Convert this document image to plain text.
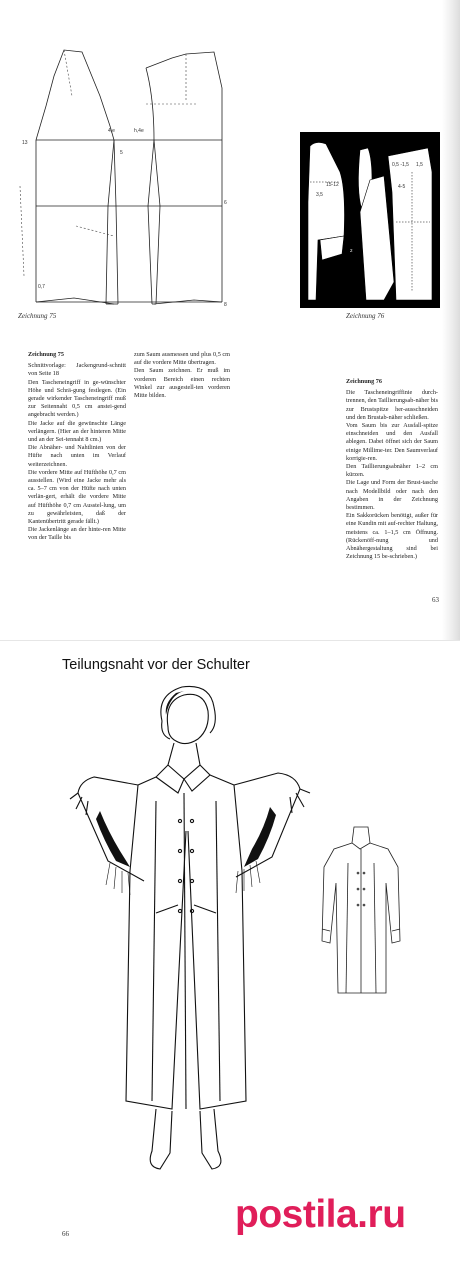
13
4,e	h,4e
5
6
8
0,7
Zeichnung 75
0,5 -1,5 1,5
4-5
15-12
3,5
2
Zeichnung 76
Zeichnung 75
Schnittvorlage: Jackengrund-schnitt von Seite 18
Den Tascheneingriff in ge-wünschter Höhe und Schrä-gung festlegen. (Ein gerade wirkender Tascheneingriff muß zur Seitennaht 0,5 cm anstei-gend angebracht werden.)
Die Jacke auf die gewünschte Länge verlängern. (Hier an der hinteren Mitte und an der Sei-tennaht 8 cm.)
Die Abnäher- und Nahtlinien von der Hüfte nach unten im Verlauf weiterzeichnen.
Die vordere Mitte auf Hüfthöhe 0,7 cm ausstellen. (Wird eine Jacke mehr als ca. 5–7 cm von der Hüfte nach unten verlän-gert, erhält die vordere Mitte auf Hüfthöhe 0,7 cm Ausstel-lung, um zu gewährleisten, daß der Kantenübertritt gerade fällt.)
Die Jackenlänge an der hinte-ren Mitte von der Taille bis
zum Saum ausmessen und plus 0,5 cm auf die vordere Mitte übertragen.
Den Saum zeichnen. Er muß im vorderen Bereich einen rechten Winkel zur ausgestell-ten vorderen Mitte bilden.
Zeichnung 76
Die Tascheneingriffinie durch-trennen, den Taillierungsab-näher bis zur Brustspitze her-ausschneiden und den Brustab-näher schließen.
Vom Saum bis zur Ausfall-spitze einschneiden und den Ausfall ablegen. Dabei öffnet sich der Saum einige Millime-ter. Den Saumverlauf korrigie-ren.
Den Taillierungsabnäher 1–2 cm kürzen.
Die Lage und Form der Brust-tasche nach Modellbild oder nach den Angaben in der Zeichnung bestimmen.
Ein Sakkorücken benötigt, außer für eine Kundin mit auf-rechter Haltung, meistens ca. 1–1,5 cm Öffnung. (Rückenöff-nung und Abnähergestaltung sind bei Zeichnung 15 be-schrieben.)
63
Teilungsnaht vor der Schulter
66	postila.ru
